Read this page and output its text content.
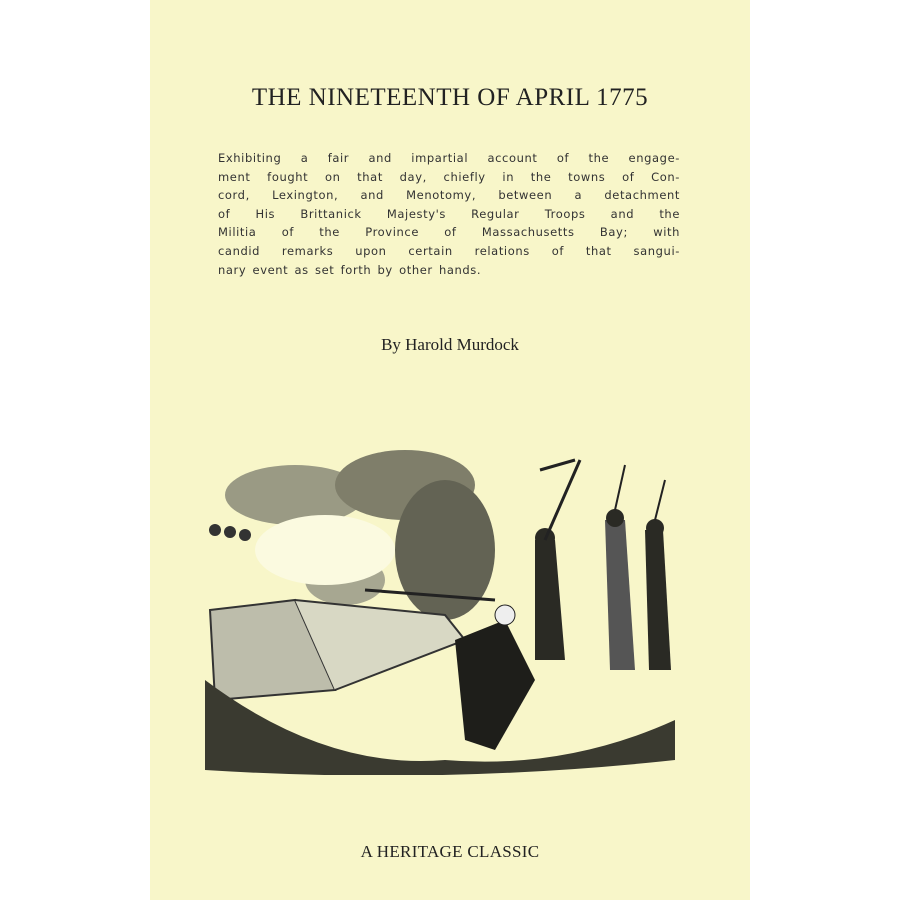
THE NINETEENTH OF APRIL 1775
Exhibiting a fair and impartial account of the engage-
ment fought on that day, chiefly in the towns of Con-
cord, Lexington, and Menotomy, between a detachment
of His Brittanick Majesty's Regular Troops and the
Militia of the Province of Massachusetts Bay; with
candid remarks upon certain relations of that sangui-
nary event as set forth by other hands.
By Harold Murdock
A HERITAGE CLASSIC
